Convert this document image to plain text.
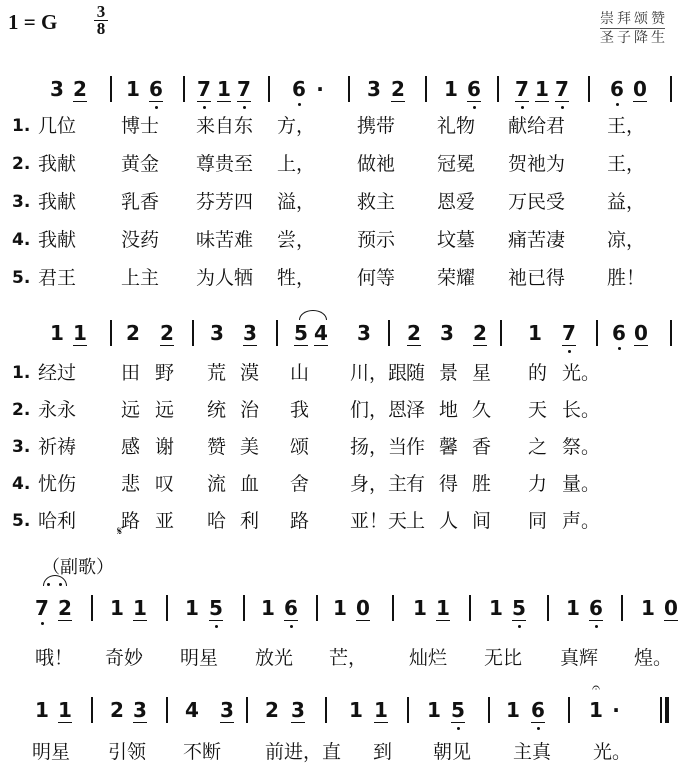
1 = G $\frac{3}{8}$	崇拜颂赞
圣子降生
3 2 1 6 7 1 7 6 · 3 2 1 6 7 1 7 6 0
1 1 2 2 3 3 5 4 3 2 3 2 1 7 6 0
7 2 1 1 1 5 1 6 1 0 1 1 1 5 1 6 1 0
1 1 2 3 4 3 2 3 1 1 1 5 1 6 1 ·
𝄐
1. 几位 博士 来自东 方， 携带 礼物 献给君 王，
2. 我献 黄金 尊贵至 上， 做祂 冠冕 贺祂为 王，
3. 我献 乳香 芬芳四 溢， 救主 恩爱 万民受 益，
4. 我献 没药 味苦难 尝， 预示 坟墓 痛苦凄 凉，
5. 君王 上主 为人牺 牲， 何等 荣耀 祂已得 胜！
1. 经过 田 野 荒 漠 山 川，跟
随 景 星 的 光。
2. 永永 远 远 统 治 我 们，恩
泽 地 久 天 长。
3. 祈祷 感 谢 赞 美 颂 扬，当
作 馨 香 之 祭。
4. 忧伤 悲 叹 流 血 舍 身，主
有 得 胜 力 量。
5. 哈利 路 亚 哈 利 路 亚！天
上 人 间 同 声。
（副歌）
𝄋
哦！ 奇妙 明星 放光 芒， 灿烂 无比 真辉 煌。
明星 引领 不断 前进，直 到 朝见 主真 光。
